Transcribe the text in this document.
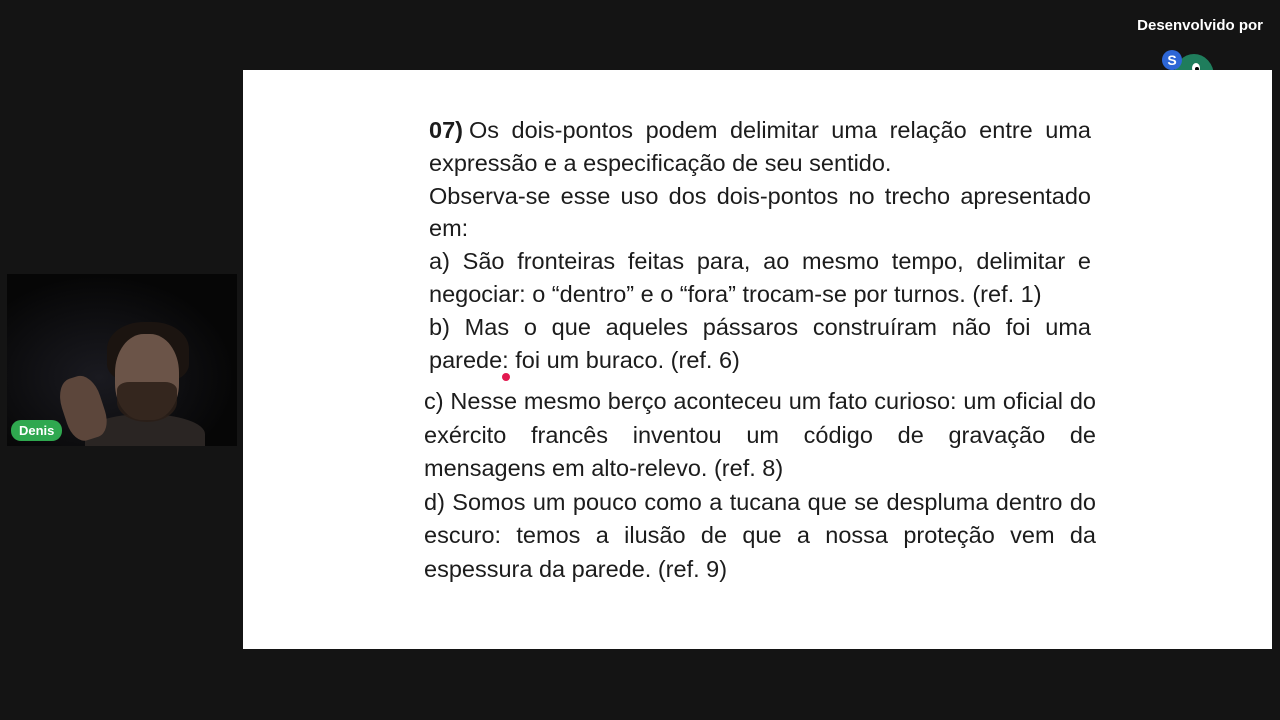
Desenvolvido por
S

07) Os dois-pontos podem delimitar uma relação entre uma expressão e a especificação de seu sentido.

Observa-se esse uso dos dois-pontos no trecho apresentado em:

a) São fronteiras feitas para, ao mesmo tempo, delimitar e negociar: o “dentro” e o “fora” trocam-se por turnos. (ref. 1)

b) Mas o que aqueles pássaros construíram não foi uma parede: foi um buraco. (ref. 6)

c) Nesse mesmo berço aconteceu um fato curioso: um oficial do exército francês inventou um código de gravação de mensagens em alto-relevo. (ref. 8)

d) Somos um pouco como a tucana que se despluma dentro do escuro: temos a ilusão de que a nossa proteção vem da espessura da parede. (ref. 9)

Denis
